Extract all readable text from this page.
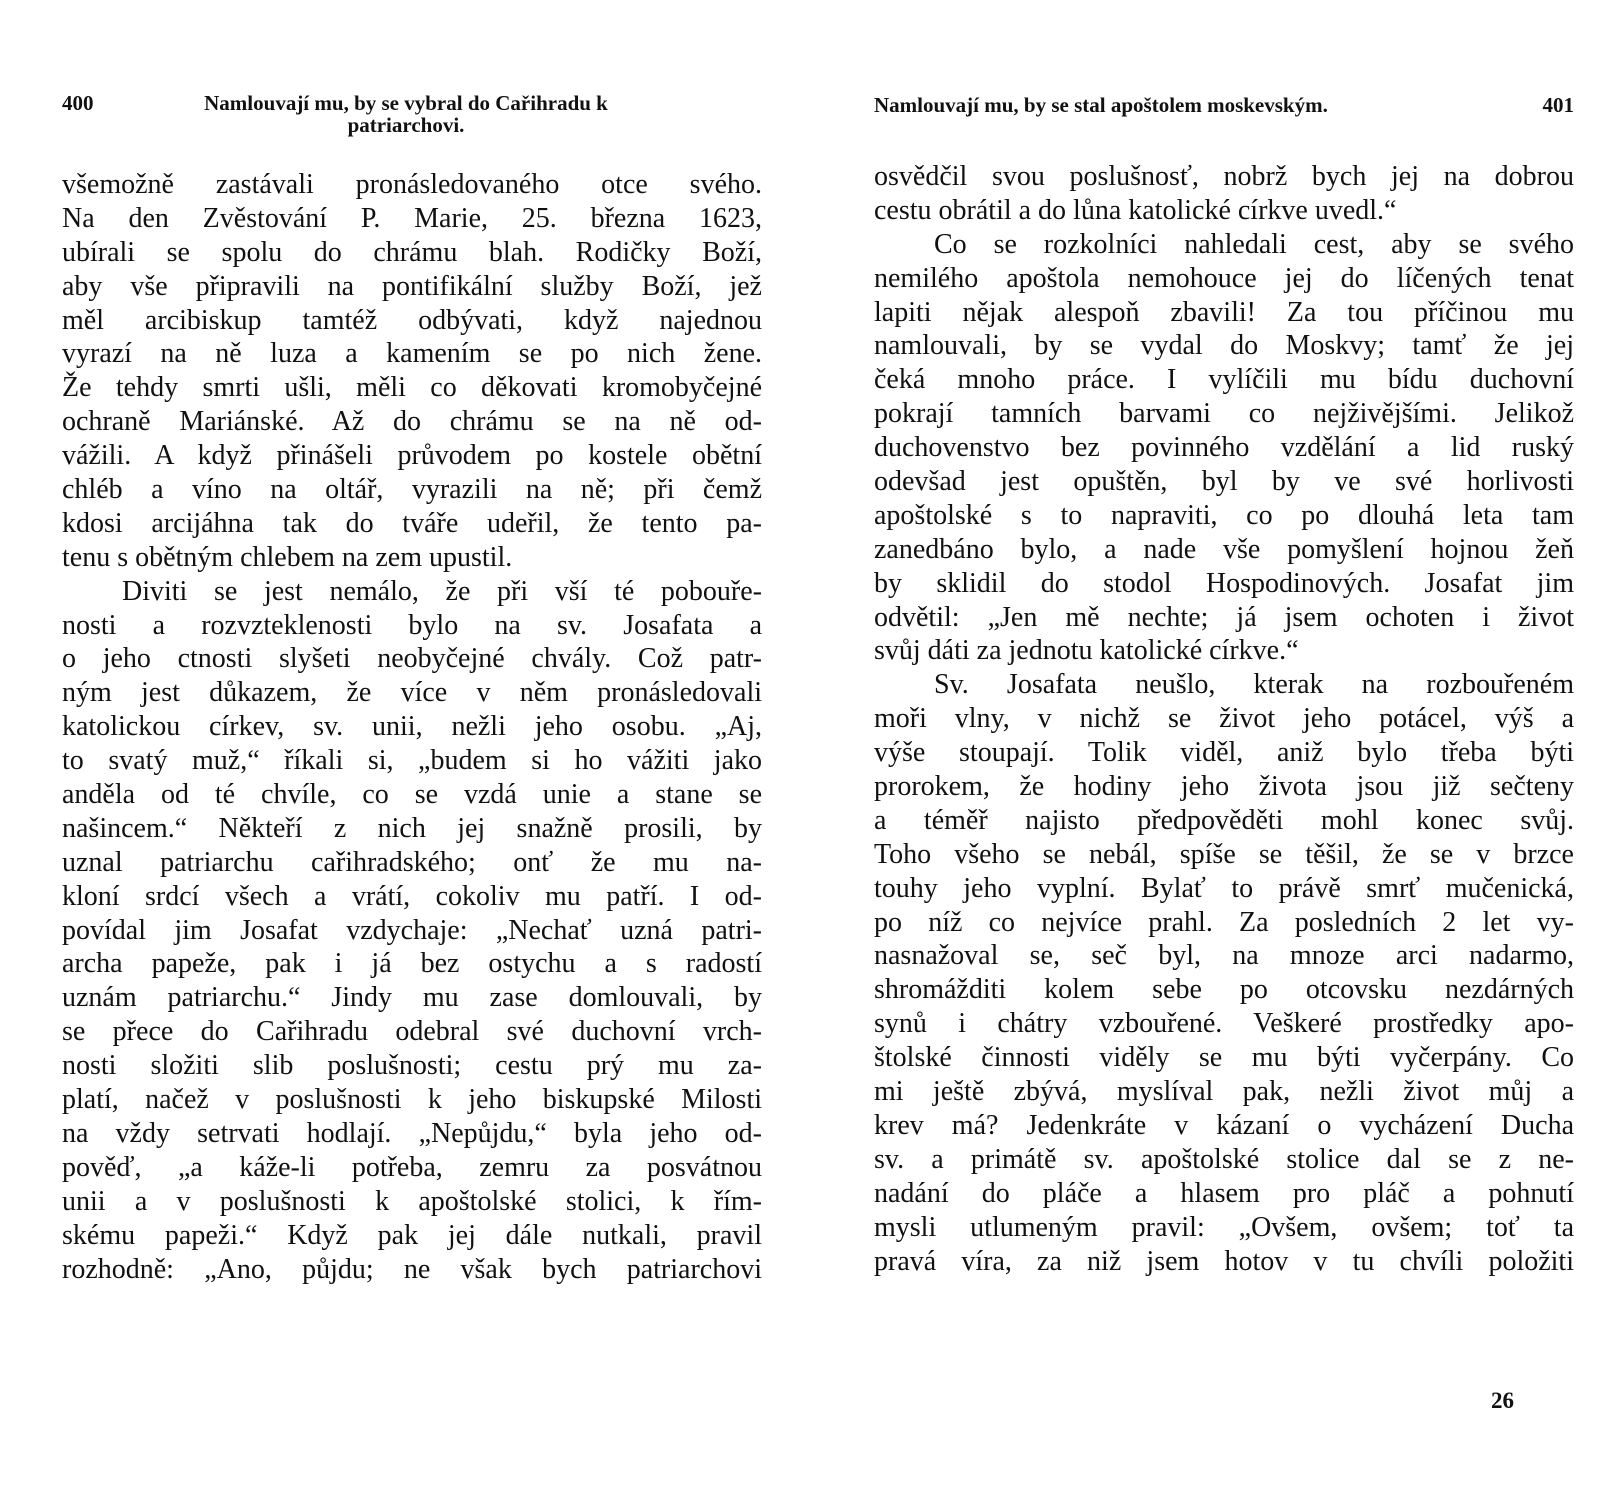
400	Namlouvají mu, by se vybral do Cařihradu k patriarchovi.
všemožně zastávali pronásledovaného otce svého.
Na den Zvěstování P. Marie, 25. března 1623,
ubírali se spolu do chrámu blah. Rodičky Boží,
aby vše připravili na pontifikální služby Boží, jež
měl arcibiskup tamtéž odbývati, když najednou
vyrazí na ně luza a kamením se po nich žene.
Že tehdy smrti ušli, měli co děkovati kromobyčejné
ochraně Mariánské. Až do chrámu se na ně od-
vážili. A když přinášeli průvodem po kostele obětní
chléb a víno na oltář, vyrazili na ně; při čemž
kdosi arcijáhna tak do tváře udeřil, že tento pa-
tenu s obětným chlebem na zem upustil.
Diviti se jest nemálo, že při vší té pobouře-
nosti a rozvzteklenosti bylo na sv. Josafata a
o jeho ctnosti slyšeti neobyčejné chvály. Což patr-
ným jest důkazem, že více v něm pronásledovali
katolickou církev, sv. unii, nežli jeho osobu. „Aj,
to svatý muž,“ říkali si, „budem si ho vážiti jako
anděla od té chvíle, co se vzdá unie a stane se
našincem.“ Někteří z nich jej snažně prosili, by
uznal patriarchu cařihradského; onť že mu na-
kloní srdcí všech a vrátí, cokoliv mu patří. I od-
povídal jim Josafat vzdychaje: „Nechať uzná patri-
archa papeže, pak i já bez ostychu a s radostí
uznám patriarchu.“ Jindy mu zase domlouvali, by
se přece do Cařihradu odebral své duchovní vrch-
nosti složiti slib poslušnosti; cestu prý mu za-
platí, načež v poslušnosti k jeho biskupské Milosti
na vždy setrvati hodlají. „Nepůjdu,“ byla jeho od-
pověď, „a káže-li potřeba, zemru za posvátnou
unii a v poslušnosti k apoštolské stolici, k řím-
skému papeži.“ Když pak jej dále nutkali, pravil
rozhodně: „Ano, půjdu; ne však bych patriarchovi
Namlouvají mu, by se stal apoštolem moskevským.	401
osvědčil svou poslušnosť, nobrž bych jej na dobrou
cestu obrátil a do lůna katolické církve uvedl.“
Co se rozkolníci nahledali cest, aby se svého
nemilého apoštola nemohouce jej do líčených tenat
lapiti nějak alespoň zbavili! Za tou příčinou mu
namlouvali, by se vydal do Moskvy; tamť že jej
čeká mnoho práce. I vylíčili mu bídu duchovní
pokrají tamních barvami co nejživějšími. Jelikož
duchovenstvo bez povinného vzdělání a lid ruský
odevšad jest opuštěn, byl by ve své horlivosti
apoštolské s to napraviti, co po dlouhá leta tam
zanedbáno bylo, a nade vše pomyšlení hojnou žeň
by sklidil do stodol Hospodinových. Josafat jim
odvětil: „Jen mě nechte; já jsem ochoten i život
svůj dáti za jednotu katolické církve.“
Sv. Josafata neušlo, kterak na rozbouřeném
moři vlny, v nichž se život jeho potácel, výš a
výše stoupají. Tolik viděl, aniž bylo třeba býti
prorokem, že hodiny jeho života jsou již sečteny
a téměř najisto předpověděti mohl konec svůj.
Toho všeho se nebál, spíše se těšil, že se v brzce
touhy jeho vyplní. Bylať to právě smrť mučenická,
po níž co nejvíce prahl. Za posledních 2 let vy-
nasnažoval se, seč byl, na mnoze arci nadarmo,
shromážditi kolem sebe po otcovsku nezdárných
synů i chátry vzbouřené. Veškeré prostředky apo-
štolské činnosti viděly se mu býti vyčerpány. Co
mi ještě zbývá, myslíval pak, nežli život můj a
krev má? Jedenkráte v kázaní o vycházení Ducha
sv. a primátě sv. apoštolské stolice dal se z ne-
nadání do pláče a hlasem pro pláč a pohnutí
mysli utlumeným pravil: „Ovšem, ovšem; toť ta
pravá víra, za niž jsem hotov v tu chvíli položiti
26
